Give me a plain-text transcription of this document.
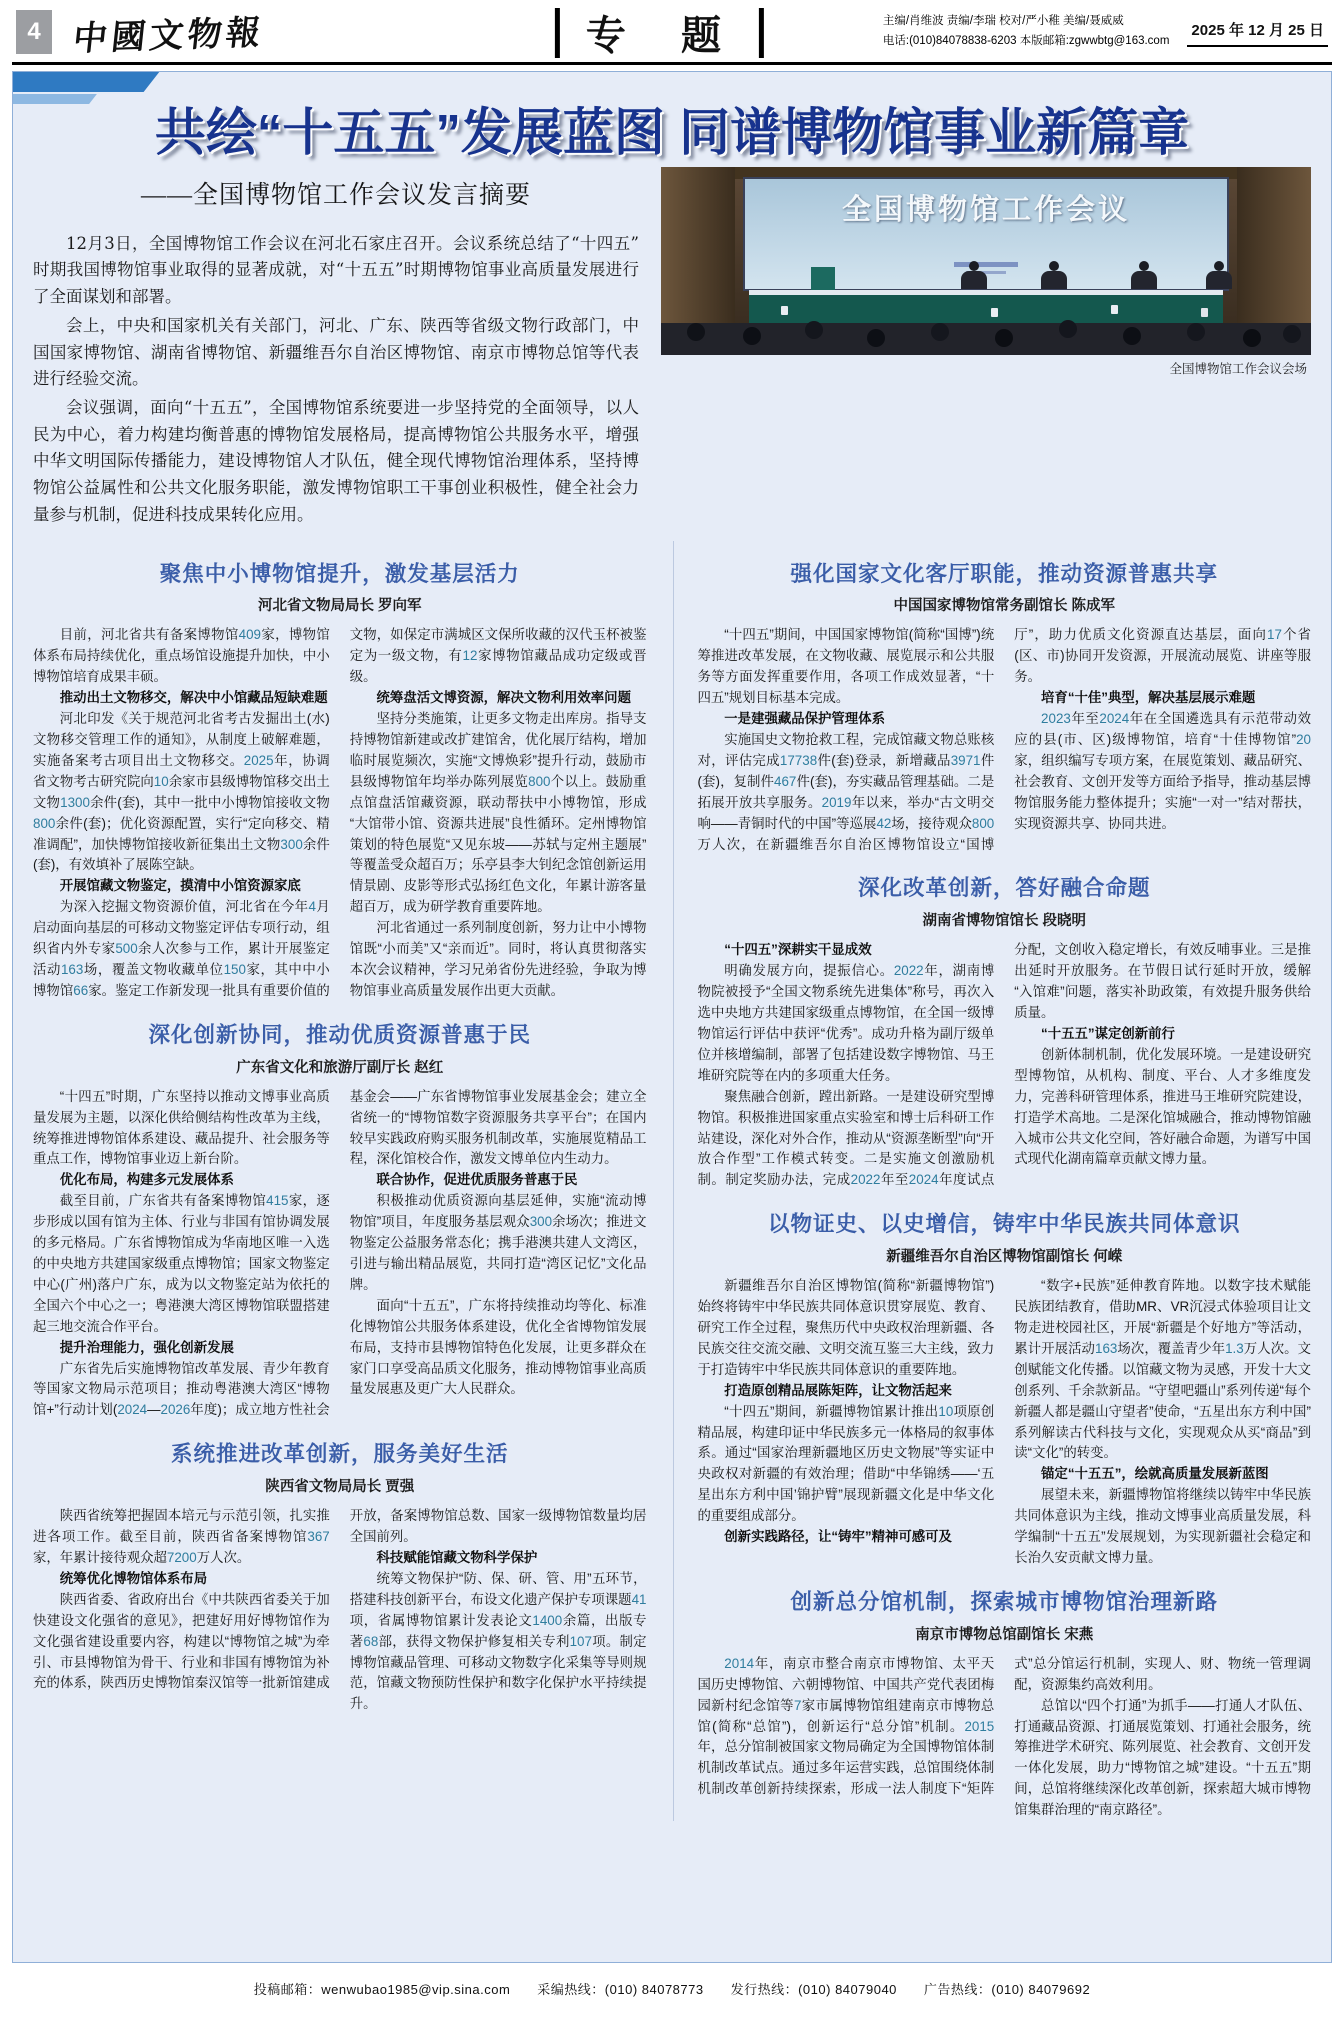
4 中國文物報	专 题	主编/肖维波 责编/李瑞 校对/严小稚 美编/聂威威
电话:(010)84078838-6203 本版邮箱:zgwwbtg@163.com
2025 年 12 月 25 日
共绘“十五五”发展蓝图 同谱博物馆事业新篇章
——全国博物馆工作会议发言摘要

12月3日，全国博物馆工作会议在河北石家庄召开。会议系统总结了“十四五”时期我国博物馆事业取得的显著成就，对“十五五”时期博物馆事业高质量发展进行了全面谋划和部署。

会上，中央和国家机关有关部门，河北、广东、陕西等省级文物行政部门，中国国家博物馆、湖南省博物馆、新疆维吾尔自治区博物馆、南京市博物总馆等代表进行经验交流。

会议强调，面向“十五五”，全国博物馆系统要进一步坚持党的全面领导，以人民为中心，着力构建均衡普惠的博物馆发展格局，提高博物馆公共服务水平，增强中华文明国际传播能力，建设博物馆人才队伍，健全现代博物馆治理体系，坚持博物馆公益属性和公共文化服务职能，激发博物馆职工干事创业积极性，健全社会力量参与机制，促进科技成果转化应用。

全国博物馆工作会议
全国博物馆工作会议会场
聚焦中小博物馆提升，激发基层活力
河北省文物局局长 罗向军

目前，河北省共有备案博物馆409家，博物馆体系布局持续优化，重点场馆设施提升加快，中小博物馆培育成果丰硕。

推动出土文物移交，解决中小馆藏品短缺难题

河北印发《关于规范河北省考古发掘出土(水)文物移交管理工作的通知》，从制度上破解难题，实施备案考古项目出土文物移交。2025年，协调省文物考古研究院向10余家市县级博物馆移交出土文物1300余件(套)，其中一批中小博物馆接收文物800余件(套)；优化资源配置，实行“定向移交、精准调配”，加快博物馆接收新征集出土文物300余件(套)，有效填补了展陈空缺。

开展馆藏文物鉴定，摸清中小馆资源家底

为深入挖掘文物资源价值，河北省在今年4月启动面向基层的可移动文物鉴定评估专项行动，组织省内外专家500余人次参与工作，累计开展鉴定活动163场，覆盖文物收藏单位150家，其中中小博物馆66家。鉴定工作新发现一批具有重要价值的文物，如保定市满城区文保所收藏的汉代玉杯被鉴定为一级文物，有12家博物馆藏品成功定级或晋级。

统筹盘活文博资源，解决文物利用效率问题

坚持分类施策，让更多文物走出库房。指导支持博物馆新建或改扩建馆舍，优化展厅结构，增加临时展览频次，实施“文博焕彩”提升行动，鼓励市县级博物馆年均举办陈列展览800个以上。鼓励重点馆盘活馆藏资源，联动帮扶中小博物馆，形成“大馆带小馆、资源共进展”良性循环。定州博物馆策划的特色展览“又见东坡——苏轼与定州主题展”等覆盖受众超百万；乐亭县李大钊纪念馆创新运用情景剧、皮影等形式弘扬红色文化，年累计游客量超百万，成为研学教育重要阵地。

河北省通过一系列制度创新，努力让中小博物馆既“小而美”又“亲而近”。同时，将认真贯彻落实本次会议精神，学习兄弟省份先进经验，争取为博物馆事业高质量发展作出更大贡献。

深化创新协同，推动优质资源普惠于民
广东省文化和旅游厅副厅长 赵红

“十四五”时期，广东坚持以推动文博事业高质量发展为主题，以深化供给侧结构性改革为主线，统筹推进博物馆体系建设、藏品提升、社会服务等重点工作，博物馆事业迈上新台阶。

优化布局，构建多元发展体系

截至目前，广东省共有备案博物馆415家，逐步形成以国有馆为主体、行业与非国有馆协调发展的多元格局。广东省博物馆成为华南地区唯一入选的中央地方共建国家级重点博物馆；国家文物鉴定中心(广州)落户广东，成为以文物鉴定站为依托的全国六个中心之一；粤港澳大湾区博物馆联盟搭建起三地交流合作平台。

提升治理能力，强化创新发展

广东省先后实施博物馆改革发展、青少年教育等国家文物局示范项目；推动粤港澳大湾区“博物馆+”行动计划(2024—2026年度)；成立地方性社会基金会——广东省博物馆事业发展基金会；建立全省统一的“博物馆数字资源服务共享平台”；在国内较早实践政府购买服务机制改革，实施展览精品工程，深化馆校合作，激发文博单位内生动力。

联合协作，促进优质服务普惠于民

积极推动优质资源向基层延伸，实施“流动博物馆”项目，年度服务基层观众300余场次；推进文物鉴定公益服务常态化；携手港澳共建人文湾区，引进与输出精品展览，共同打造“湾区记忆”文化品牌。

面向“十五五”，广东将持续推动均等化、标准化博物馆公共服务体系建设，优化全省博物馆发展布局，支持市县博物馆特色化发展，让更多群众在家门口享受高品质文化服务，推动博物馆事业高质量发展惠及更广大人民群众。

系统推进改革创新，服务美好生活
陕西省文物局局长 贾强

陕西省统筹把握固本培元与示范引领，扎实推进各项工作。截至目前，陕西省备案博物馆367家，年累计接待观众超7200万人次。

统筹优化博物馆体系布局

陕西省委、省政府出台《中共陕西省委关于加快建设文化强省的意见》，把建好用好博物馆作为文化强省建设重要内容，构建以“博物馆之城”为牵引、市县博物馆为骨干、行业和非国有博物馆为补充的体系，陕西历史博物馆秦汉馆等一批新馆建成开放，备案博物馆总数、国家一级博物馆数量均居全国前列。

科技赋能馆藏文物科学保护

统筹文物保护“防、保、研、管、用”五环节，搭建科技创新平台，布设文化遗产保护专项课题41项，省属博物馆累计发表论文1400余篇，出版专著68部，获得文物保护修复相关专利107项。制定博物馆藏品管理、可移动文物数字化采集等导则规范，馆藏文物预防性保护和数字化保护水平持续提升。

强化国家文化客厅职能，推动资源普惠共享
中国国家博物馆常务副馆长 陈成军

“十四五”期间，中国国家博物馆(简称“国博”)统筹推进改革发展，在文物收藏、展览展示和公共服务等方面发挥重要作用，各项工作成效显著，“十四五”规划目标基本完成。

一是建强藏品保护管理体系

实施国史文物抢救工程，完成馆藏文物总账核对，评估完成17738件(套)登录，新增藏品3971件(套)，复制件467件(套)，夯实藏品管理基础。二是拓展开放共享服务。2019年以来，举办“古文明交响——青铜时代的中国”等巡展42场，接待观众800万人次，在新疆维吾尔自治区博物馆设立“国博厅”，助力优质文化资源直达基层，面向17个省(区、市)协同开发资源，开展流动展览、讲座等服务。

培育“十佳”典型，解决基层展示难题

2023年至2024年在全国遴选具有示范带动效应的县(市、区)级博物馆，培育“十佳博物馆”20家，组织编写专项方案，在展览策划、藏品研究、社会教育、文创开发等方面给予指导，推动基层博物馆服务能力整体提升；实施“一对一”结对帮扶，实现资源共享、协同共进。

深化改革创新，答好融合命题
湖南省博物馆馆长 段晓明

“十四五”深耕实干显成效

明确发展方向，提振信心。2022年，湖南博物院被授予“全国文物系统先进集体”称号，再次入选中央地方共建国家级重点博物馆，在全国一级博物馆运行评估中获评“优秀”。成功升格为副厅级单位并核增编制，部署了包括建设数字博物馆、马王堆研究院等在内的多项重大任务。

聚焦融合创新，蹚出新路。一是建设研究型博物馆。积极推进国家重点实验室和博士后科研工作站建设，深化对外合作，推动从“资源垄断型”向“开放合作型”工作模式转变。二是实施文创激励机制。制定奖励办法，完成2022年至2024年度试点分配，文创收入稳定增长，有效反哺事业。三是推出延时开放服务。在节假日试行延时开放，缓解“入馆难”问题，落实补助政策，有效提升服务供给质量。

“十五五”谋定创新前行

创新体制机制，优化发展环境。一是建设研究型博物馆，从机构、制度、平台、人才多维度发力，完善科研管理体系，推进马王堆研究院建设，打造学术高地。二是深化馆城融合，推动博物馆融入城市公共文化空间，答好融合命题，为谱写中国式现代化湖南篇章贡献文博力量。

以物证史、以史增信，铸牢中华民族共同体意识
新疆维吾尔自治区博物馆副馆长 何嵘

新疆维吾尔自治区博物馆(简称“新疆博物馆”)始终将铸牢中华民族共同体意识贯穿展览、教育、研究工作全过程，聚焦历代中央政权治理新疆、各民族交往交流交融、文明交流互鉴三大主线，致力于打造铸牢中华民族共同体意识的重要阵地。

打造原创精品展陈矩阵，让文物活起来

“十四五”期间，新疆博物馆累计推出10项原创精品展，构建印证中华民族多元一体格局的叙事体系。通过“国家治理新疆地区历史文物展”等实证中央政权对新疆的有效治理；借助“中华锦绣——‘五星出东方利中国’锦护臂”展现新疆文化是中华文化的重要组成部分。

创新实践路径，让“铸牢”精神可感可及

“数字+民族”延伸教育阵地。以数字技术赋能民族团结教育，借助MR、VR沉浸式体验项目让文物走进校园社区，开展“新疆是个好地方”等活动，累计开展活动163场次，覆盖青少年1.3万人次。文创赋能文化传播。以馆藏文物为灵感，开发十大文创系列、千余款新品。“守望吧疆山”系列传递“每个新疆人都是疆山守望者”使命，“五星出东方利中国”系列解读古代科技与文化，实现观众从买“商品”到读“文化”的转变。

锚定“十五五”，绘就高质量发展新蓝图

展望未来，新疆博物馆将继续以铸牢中华民族共同体意识为主线，推动文博事业高质量发展，科学编制“十五五”发展规划，为实现新疆社会稳定和长治久安贡献文博力量。

创新总分馆机制，探索城市博物馆治理新路
南京市博物总馆副馆长 宋燕

2014年，南京市整合南京市博物馆、太平天国历史博物馆、六朝博物馆、中国共产党代表团梅园新村纪念馆等7家市属博物馆组建南京市博物总馆(简称“总馆”)，创新运行“总分馆”机制。2015年，总分馆制被国家文物局确定为全国博物馆体制机制改革试点。通过多年运营实践，总馆围绕体制机制改革创新持续探索，形成一法人制度下“矩阵式”总分馆运行机制，实现人、财、物统一管理调配，资源集约高效利用。

总馆以“四个打通”为抓手——打通人才队伍、打通藏品资源、打通展览策划、打通社会服务，统筹推进学术研究、陈列展览、社会教育、文创开发一体化发展，助力“博物馆之城”建设。“十五五”期间，总馆将继续深化改革创新，探索超大城市博物馆集群治理的“南京路径”。

投稿邮箱：wenwubao1985@vip.sina.com　　采编热线：(010) 84078773　　发行热线：(010) 84079040　　广告热线：(010) 84079692
